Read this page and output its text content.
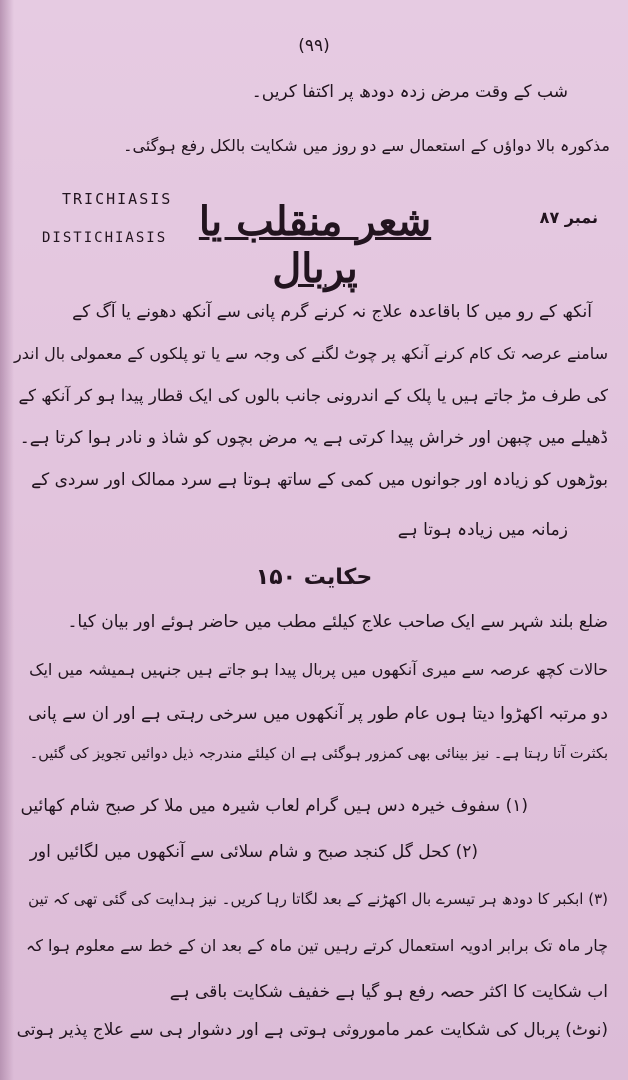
(۹۹)
شب کے وقت مرض زدہ دودھ پر اکتفا کریں۔
مذکورہ بالا دواؤں کے استعمال سے دو روز میں شکایت بالکل رفع ہوگئی۔
TRICHIASIS
DISTICHIASIS شعر منقلب یا پربال
نمبر ۸۷
آنکھ کے رو میں کا باقاعدہ علاج نہ کرنے گرم پانی سے آنکھ دھونے یا آگ کے
سامنے عرصہ تک کام کرنے آنکھ پر چوٹ لگنے کی وجہ سے یا تو پلکوں کے معمولی بال اندر
کی طرف مڑ جاتے ہیں یا پلک کے اندرونی جانب بالوں کی ایک قطار پیدا ہو کر آنکھ کے
ڈھیلے میں چبھن اور خراش پیدا کرتی ہے یہ مرض بچوں کو شاذ و نادر ہوا کرتا ہے۔
بوڑھوں کو زیادہ اور جوانوں میں کمی کے ساتھ ہوتا ہے سرد ممالک اور سردی کے
زمانہ میں زیادہ ہوتا ہے
حکایت ۱۵۰
ضلع بلند شہر سے ایک صاحب علاج کیلئے مطب میں حاضر ہوئے اور بیان کیا۔
حالات کچھ عرصہ سے میری آنکھوں میں پربال پیدا ہو جاتے ہیں جنہیں ہمیشہ میں ایک
دو مرتبہ اکھڑوا دیتا ہوں عام طور پر آنکھوں میں سرخی رہتی ہے اور ان سے پانی
بکثرت آتا رہتا ہے۔ نیز بینائی بھی کمزور ہوگئی ہے ان کیلئے مندرجہ ذیل دوائیں تجویز کی گئیں۔
(۱) سفوف خیرہ دس ہیں گرام لعاب شیرہ میں ملا کر صبح شام کھائیں
(۲) کحل گل کنجد صبح و شام سلائی سے آنکھوں میں لگائیں اور
(۳) ابکبر کا دودھ ہر تیسرے بال اکھڑنے کے بعد لگاتا رہا کریں۔ نیز ہدایت کی گئی تھی کہ تین
چار ماہ تک برابر ادویہ استعمال کرتے رہیں تین ماہ کے بعد ان کے خط سے معلوم ہوا کہ
اب شکایت کا اکثر حصہ رفع ہو گیا ہے خفیف شکایت باقی ہے
(نوٹ) پربال کی شکایت عمر ماموروثی ہوتی ہے اور دشوار ہی سے علاج پذیر ہوتی
